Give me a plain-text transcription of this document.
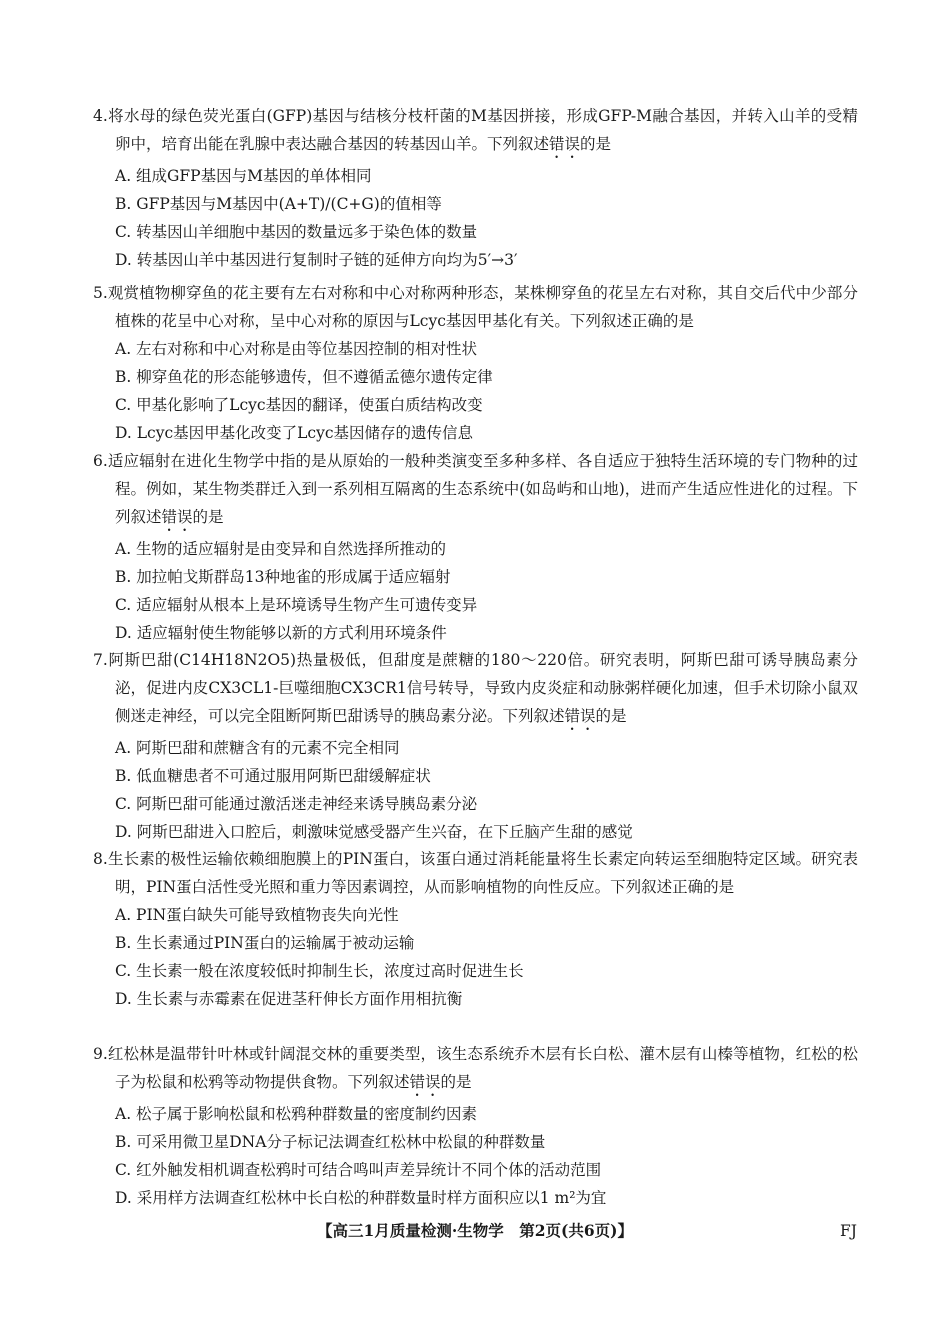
4.将水母的绿色荧光蛋白(GFP)基因与结核分枝杆菌的M基因拼接，形成GFP-M融合基因，并转入山羊的受精卵中，培育出能在乳腺中表达融合基因的转基因山羊。下列叙述错误的是

A. 组成GFP基因与M基因的单体相同

B. GFP基因与M基因中(A+T)/(C+G)的值相等

C. 转基因山羊细胞中基因的数量远多于染色体的数量

D. 转基因山羊中基因进行复制时子链的延伸方向均为5′→3′

5.观赏植物柳穿鱼的花主要有左右对称和中心对称两种形态，某株柳穿鱼的花呈左右对称，其自交后代中少部分植株的花呈中心对称，呈中心对称的原因与Lcyc基因甲基化有关。下列叙述正确的是

A. 左右对称和中心对称是由等位基因控制的相对性状

B. 柳穿鱼花的形态能够遗传，但不遵循孟德尔遗传定律

C. 甲基化影响了Lcyc基因的翻译，使蛋白质结构改变

D. Lcyc基因甲基化改变了Lcyc基因储存的遗传信息

6.适应辐射在进化生物学中指的是从原始的一般种类演变至多种多样、各自适应于独特生活环境的专门物种的过程。例如，某生物类群迁入到一系列相互隔离的生态系统中(如岛屿和山地)，进而产生适应性进化的过程。下列叙述错误的是

A. 生物的适应辐射是由变异和自然选择所推动的

B. 加拉帕戈斯群岛13种地雀的形成属于适应辐射

C. 适应辐射从根本上是环境诱导生物产生可遗传变异

D. 适应辐射使生物能够以新的方式利用环境条件

7.阿斯巴甜(C14H18N2O5)热量极低，但甜度是蔗糖的180～220倍。研究表明，阿斯巴甜可诱导胰岛素分泌，促进内皮CX3CL1-巨噬细胞CX3CR1信号转导，导致内皮炎症和动脉粥样硬化加速，但手术切除小鼠双侧迷走神经，可以完全阻断阿斯巴甜诱导的胰岛素分泌。下列叙述错误的是

A. 阿斯巴甜和蔗糖含有的元素不完全相同

B. 低血糖患者不可通过服用阿斯巴甜缓解症状

C. 阿斯巴甜可能通过激活迷走神经来诱导胰岛素分泌

D. 阿斯巴甜进入口腔后，刺激味觉感受器产生兴奋，在下丘脑产生甜的感觉

8.生长素的极性运输依赖细胞膜上的PIN蛋白，该蛋白通过消耗能量将生长素定向转运至细胞特定区域。研究表明，PIN蛋白活性受光照和重力等因素调控，从而影响植物的向性反应。下列叙述正确的是

A. PIN蛋白缺失可能导致植物丧失向光性

B. 生长素通过PIN蛋白的运输属于被动运输

C. 生长素一般在浓度较低时抑制生长，浓度过高时促进生长

D. 生长素与赤霉素在促进茎秆伸长方面作用相抗衡

9.红松林是温带针叶林或针阔混交林的重要类型，该生态系统乔木层有长白松、灌木层有山榛等植物，红松的松子为松鼠和松鸦等动物提供食物。下列叙述错误的是

A. 松子属于影响松鼠和松鸦种群数量的密度制约因素

B. 可采用微卫星DNA分子标记法调查红松林中松鼠的种群数量

C. 红外触发相机调查松鸦时可结合鸣叫声差异统计不同个体的活动范围

D. 采用样方法调查红松林中长白松的种群数量时样方面积应以1 m²为宜

【高三1月质量检测·生物学　第2页(共6页)】	FJ
